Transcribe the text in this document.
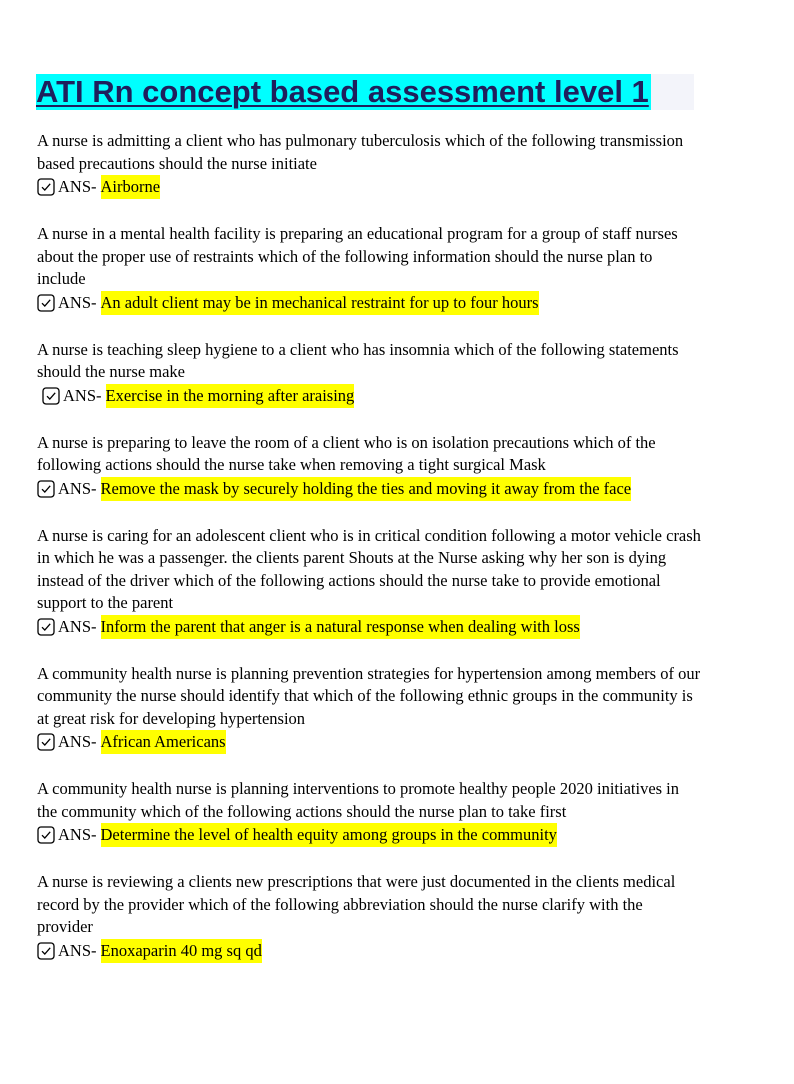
ATI Rn concept based assessment level 1
A nurse is admitting a client who has pulmonary tuberculosis which of the following transmission based precautions should the nurse initiate
ANS- Airborne
A nurse in a mental health facility is preparing an educational program for a group of staff nurses about the proper use of restraints which of the following information should the nurse plan to include
ANS- An adult client may be in mechanical restraint for up to four hours
A nurse is teaching sleep hygiene to a client who has insomnia which of the following statements should the nurse make
ANS- Exercise in the morning after araising
A nurse is preparing to leave the room of a client who is on isolation precautions which of the following actions should the nurse take when removing a tight surgical Mask
ANS- Remove the mask by securely holding the ties and moving it away from the face
A nurse is caring for an adolescent client who is in critical condition following a motor vehicle crash in which he was a passenger. the clients parent Shouts at the Nurse asking why her son is dying instead of the driver which of the following actions should the nurse take to provide emotional support to the parent
ANS- Inform the parent that anger is a natural response when dealing with loss
A community health nurse is planning prevention strategies for hypertension among members of our community the nurse should identify that which of the following ethnic groups in the community is at great risk for developing hypertension
ANS- African Americans
A community health nurse is planning interventions to promote healthy people 2020 initiatives in the community which of the following actions should the nurse plan to take first
ANS- Determine the level of health equity among groups in the community
A nurse is reviewing a clients new prescriptions that were just documented in the clients medical record by the provider which of the following abbreviation should the nurse clarify with the provider
ANS- Enoxaparin 40 mg sq qd
